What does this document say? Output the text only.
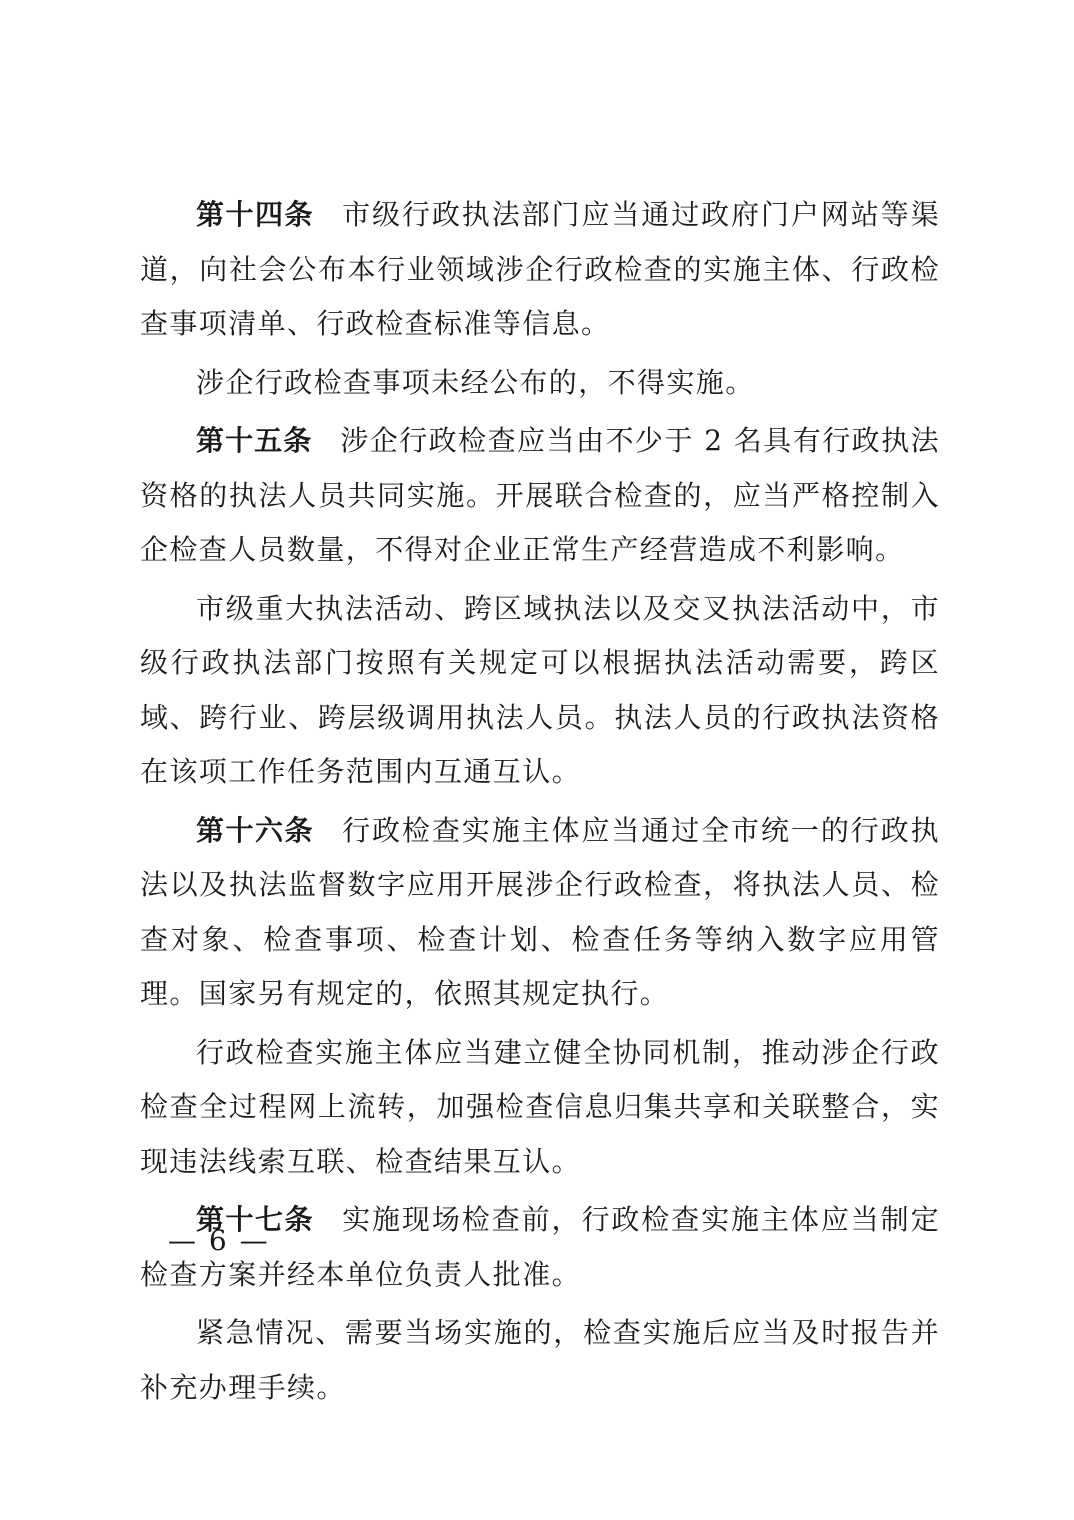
第十四条 市级行政执法部门应当通过政府门户网站等渠道，向社会公布本行业领域涉企行政检查的实施主体、行政检查事项清单、行政检查标准等信息。

涉企行政检查事项未经公布的，不得实施。

第十五条 涉企行政检查应当由不少于 2 名具有行政执法资格的执法人员共同实施。开展联合检查的，应当严格控制入企检查人员数量，不得对企业正常生产经营造成不利影响。

市级重大执法活动、跨区域执法以及交叉执法活动中，市级行政执法部门按照有关规定可以根据执法活动需要，跨区域、跨行业、跨层级调用执法人员。执法人员的行政执法资格在该项工作任务范围内互通互认。

第十六条 行政检查实施主体应当通过全市统一的行政执法以及执法监督数字应用开展涉企行政检查，将执法人员、检查对象、检查事项、检查计划、检查任务等纳入数字应用管理。国家另有规定的，依照其规定执行。

行政检查实施主体应当建立健全协同机制，推动涉企行政检查全过程网上流转，加强检查信息归集共享和关联整合，实现违法线索互联、检查结果互认。

第十七条 实施现场检查前，行政检查实施主体应当制定检查方案并经本单位负责人批准。

紧急情况、需要当场实施的，检查实施后应当及时报告并补充办理手续。

— 6 —
